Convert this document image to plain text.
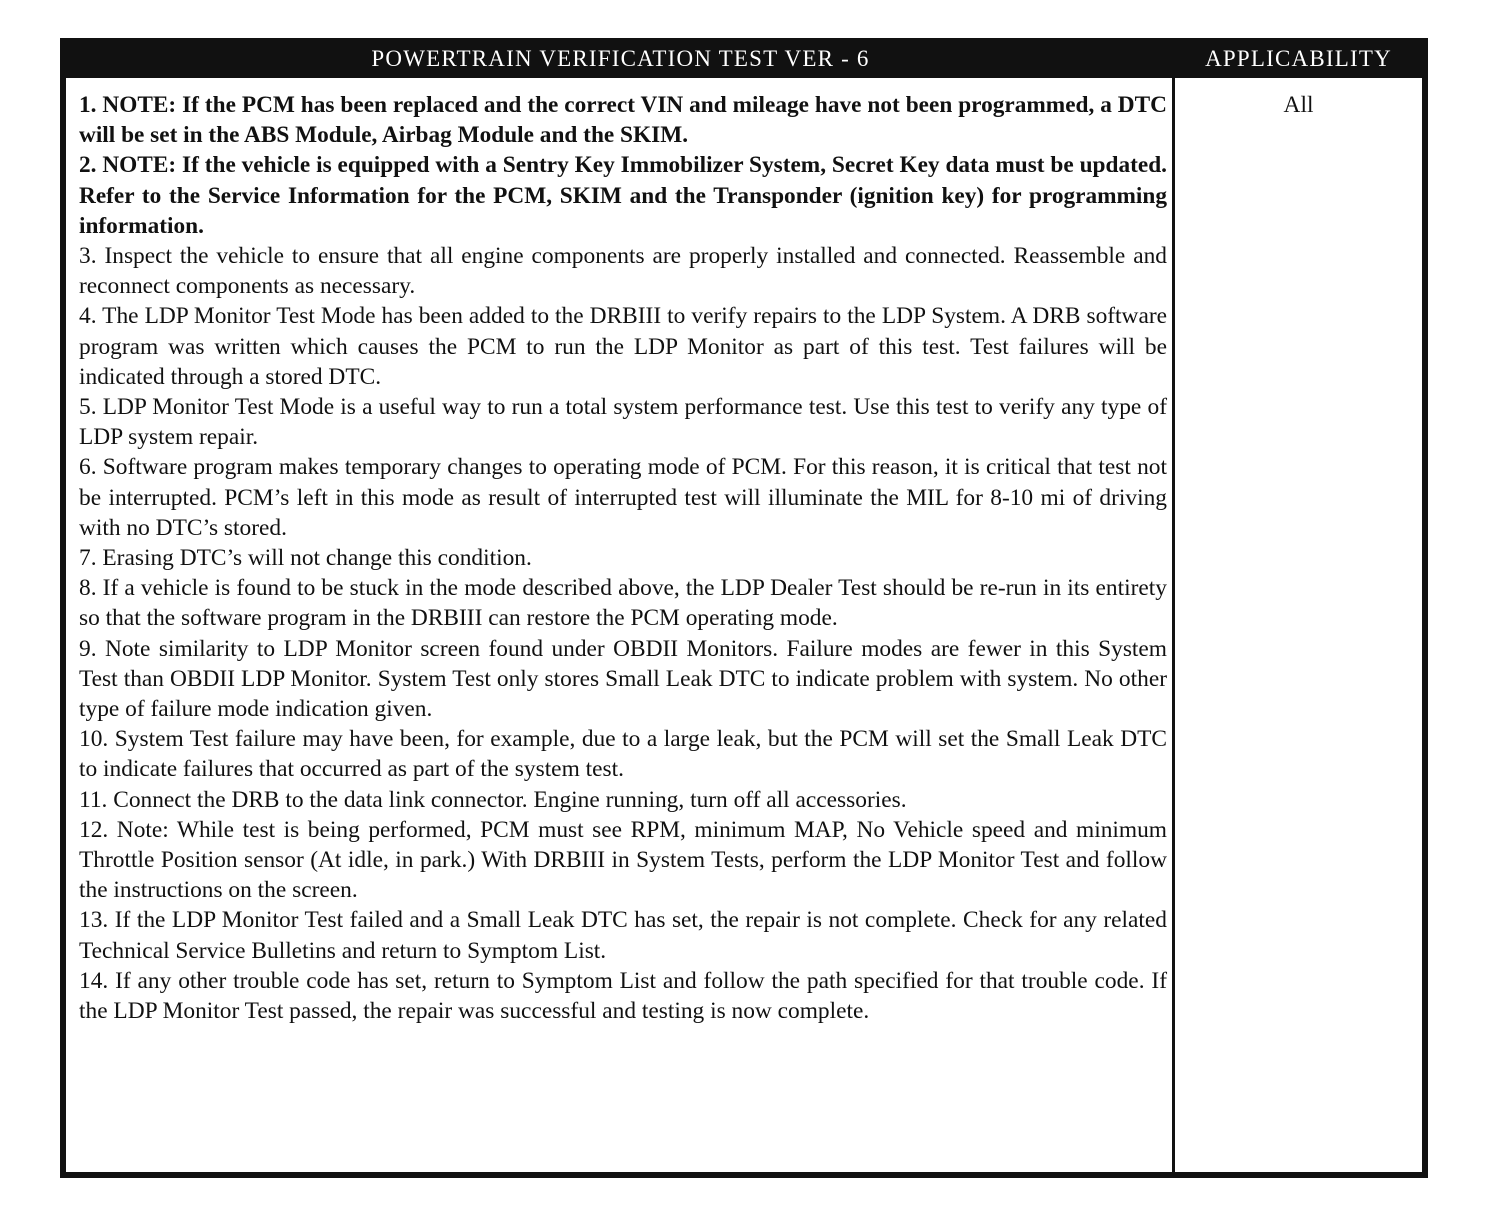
POWERTRAIN VERIFICATION TEST VER - 6	APPLICABILITY

1. NOTE: If the PCM has been replaced and the correct VIN and mileage have not been programmed, a DTC will be set in the ABS Module, Airbag Module and the SKIM.

2. NOTE: If the vehicle is equipped with a Sentry Key Immobilizer System, Secret Key data must be updated. Refer to the Service Information for the PCM, SKIM and the Transponder (ignition key) for programming information.

3. Inspect the vehicle to ensure that all engine components are properly installed and connected. Reassemble and reconnect components as necessary.

4. The LDP Monitor Test Mode has been added to the DRBIII to verify repairs to the LDP System. A DRB software program was written which causes the PCM to run the LDP Monitor as part of this test. Test failures will be indicated through a stored DTC.

5. LDP Monitor Test Mode is a useful way to run a total system performance test. Use this test to verify any type of LDP system repair.

6. Software program makes temporary changes to operating mode of PCM. For this reason, it is critical that test not be interrupted. PCM’s left in this mode as result of interrupted test will illuminate the MIL for 8-10 mi of driving with no DTC’s stored.

7. Erasing DTC’s will not change this condition.

8. If a vehicle is found to be stuck in the mode described above, the LDP Dealer Test should be re-run in its entirety so that the software program in the DRBIII can restore the PCM operating mode.

9. Note similarity to LDP Monitor screen found under OBDII Monitors. Failure modes are fewer in this System Test than OBDII LDP Monitor. System Test only stores Small Leak DTC to indicate problem with system. No other type of failure mode indication given.

10. System Test failure may have been, for example, due to a large leak, but the PCM will set the Small Leak DTC to indicate failures that occurred as part of the system test.

11. Connect the DRB to the data link connector. Engine running, turn off all accessories.

12. Note: While test is being performed, PCM must see RPM, minimum MAP, No Vehicle speed and minimum Throttle Position sensor (At idle, in park.) With DRBIII in System Tests, perform the LDP Monitor Test and follow the instructions on the screen.

13. If the LDP Monitor Test failed and a Small Leak DTC has set, the repair is not complete. Check for any related Technical Service Bulletins and return to Symptom List.

14. If any other trouble code has set, return to Symptom List and follow the path specified for that trouble code. If the LDP Monitor Test passed, the repair was successful and testing is now complete.

All
